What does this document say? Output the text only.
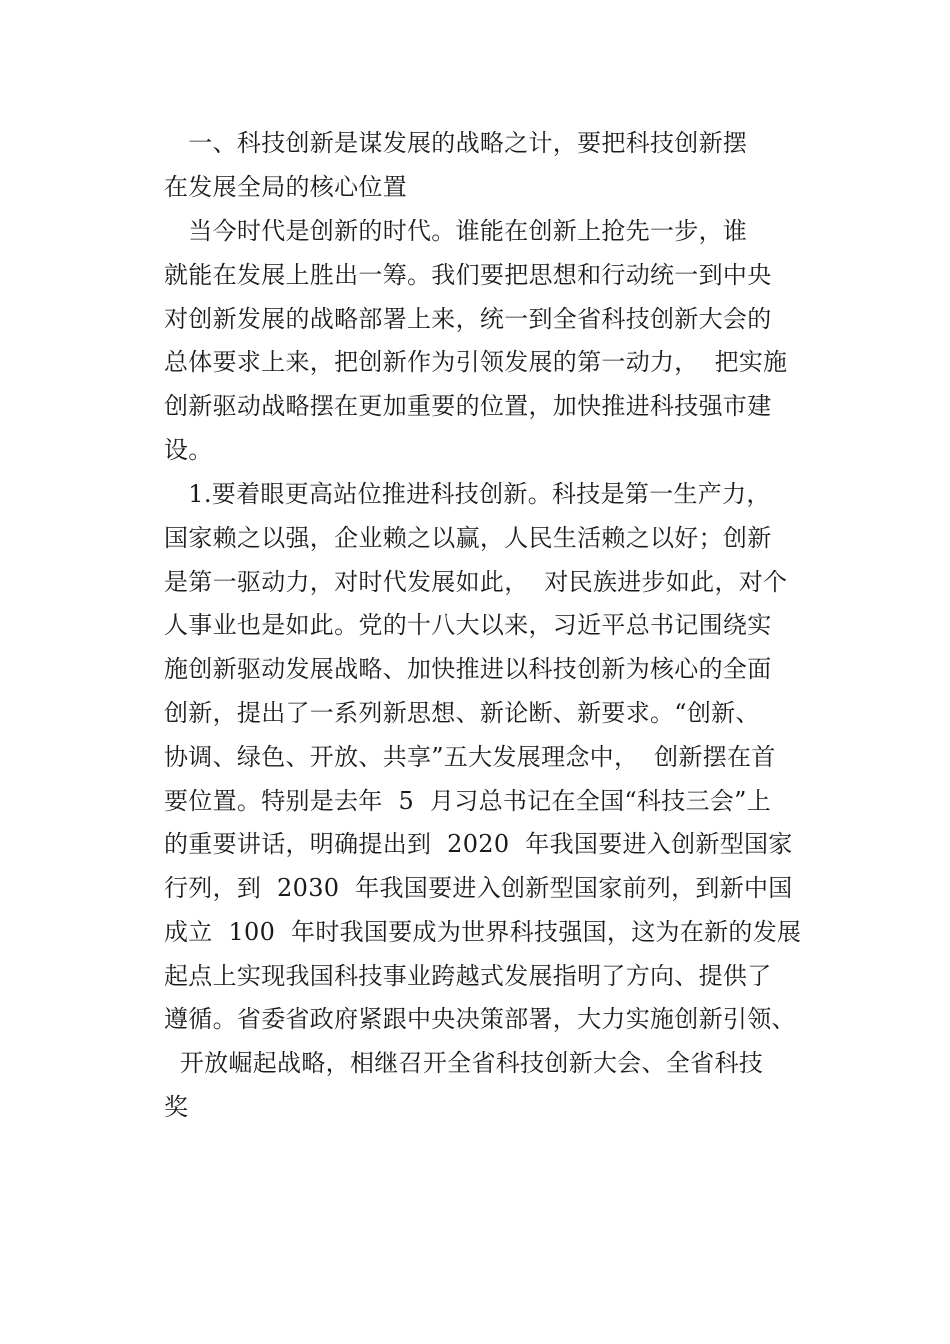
　一、科技创新是谋发展的战略之计，要把科技创新摆
在发展全局的核心位置
　当今时代是创新的时代。谁能在创新上抢先一步，谁
就能在发展上胜出一筹。我们要把思想和行动统一到中央
对创新发展的战略部署上来，统一到全省科技创新大会的
总体要求上来，把创新作为引领发展的第一动力，  把实施
创新驱动战略摆在更加重要的位置，加快推进科技强市建
设。
　1.要着眼更高站位推进科技创新。科技是第一生产力，
国家赖之以强，企业赖之以赢，人民生活赖之以好；创新
是第一驱动力，对时代发展如此，  对民族进步如此，对个
人事业也是如此。党的十八大以来，习近平总书记围绕实
施创新驱动发展战略、加快推进以科技创新为核心的全面
创新，提出了一系列新思想、新论断、新要求。“创新、
协调、绿色、开放、共享”五大发展理念中，  创新摆在首
要位置。特别是去年  5  月习总书记在全国“科技三会”上
的重要讲话，明确提出到  2020  年我国要进入创新型国家
行列，到  2030  年我国要进入创新型国家前列，到新中国
成立  100  年时我国要成为世界科技强国，这为在新的发展
起点上实现我国科技事业跨越式发展指明了方向、提供了
遵循。省委省政府紧跟中央决策部署，大力实施创新引领、
开放崛起战略，相继召开全省科技创新大会、全省科技
奖
